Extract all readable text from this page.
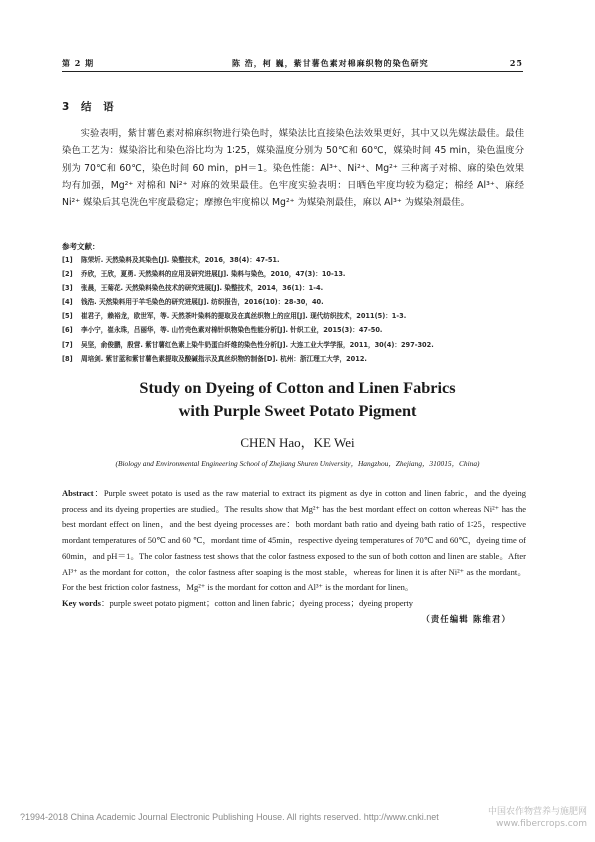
第 2 期	陈 浩，柯 巍，紫甘薯色素对棉麻织物的染色研究	25
3 结 语
实验表明，紫甘薯色素对棉麻织物进行染色时，媒染法比直接染色法效果更好，其中又以先媒法最佳。最佳染色工艺为：媒染浴比和染色浴比均为 1∶25，媒染温度分别为 50℃和 60℃，媒染时间 45 min，染色温度分别为 70℃和 60℃，染色时间 60 min，pH＝1。染色性能：Al³⁺、Ni²⁺、Mg²⁺ 三种离子对棉、麻的染色效果均有加强，Mg²⁺ 对棉和 Ni²⁺ 对麻的效果最佳。色牢度实验表明：日晒色牢度均较为稳定；棉经 Al³⁺、麻经 Ni²⁺ 媒染后其皂洗色牢度最稳定；摩擦色牢度棉以 Mg²⁺ 为媒染剂最佳，麻以 Al³⁺ 为媒染剂最佳。
参考文献：
[1] 陈荣圻. 天然染料及其染色[J]. 染整技术，2016，38(4)：47-51.
[2] 乔欣，王欣，夏勇. 天然染料的应用及研究进展[J]. 染料与染色，2010，47(3)：10-13.
[3] 张晨，王菊花. 天然染料染色技术的研究进展[J]. 染整技术，2014，36(1)：1-4.
[4] 钱浩. 天然染料用于羊毛染色的研究进展[J]. 纺织报告，2016(10)：28-30，40.
[5] 崔君子，赖裕龙，欧世军，等. 天然茶叶染料的提取及在真丝织物上的应用[J]. 现代纺织技术，2011(5)：1-3.
[6] 李小宁，崔永珠，吕丽华，等. 山竹壳色素对棉针织物染色性能分析[J]. 针织工业，2015(3)：47-50.
[7] 吴坚，俞俊鹏，殷营. 紫甘薯红色素上染牛奶蛋白纤维的染色性分析[J]. 大连工业大学学报，2011，30(4)：297-302.
[8] 周培剑. 紫甘蓝和紫甘薯色素提取及酸碱指示及真丝织物的制备[D]. 杭州：浙江理工大学，2012.
Study on Dyeing of Cotton and Linen Fabrics
with Purple Sweet Potato Pigment
CHEN Hao，KE Wei
(Biology and Environmental Engineering School of Zhejiang Shuren University，Hangzhou，Zhejiang，310015，China)
Abstract：Purple sweet potato is used as the raw material to extract its pigment as dye in cotton and linen fabric，and the dyeing process and its dyeing properties are studied。The results show that Mg²⁺ has the best mordant effect on cotton whereas Ni²⁺ has the best mordant effect on linen，and the best dyeing processes are：both mordant bath ratio and dyeing bath ratio of 1∶25，respective mordant temperatures of 50℃ and 60 ℃，mordant time of 45min，respective dyeing temperatures of 70℃ and 60℃，dyeing time of 60min，and pH＝1。The color fastness test shows that the color fastness exposed to the sun of both cotton and linen are stable。After Al³⁺ as the mordant for cotton，the color fastness after soaping is the most stable，whereas for linen it is after Ni²⁺ as the mordant。For the best friction color fastness，Mg²⁺ is the mordant for cotton and Al³⁺ is the mordant for linen。
Key words：purple sweet potato pigment；cotton and linen fabric；dyeing process；dyeing property
（责任编辑 陈维君）
?1994-2018 China Academic Journal Electronic Publishing House. All rights reserved. http://www.cnki.net	中国农作物营养与施肥网
www.fibercrops.com
